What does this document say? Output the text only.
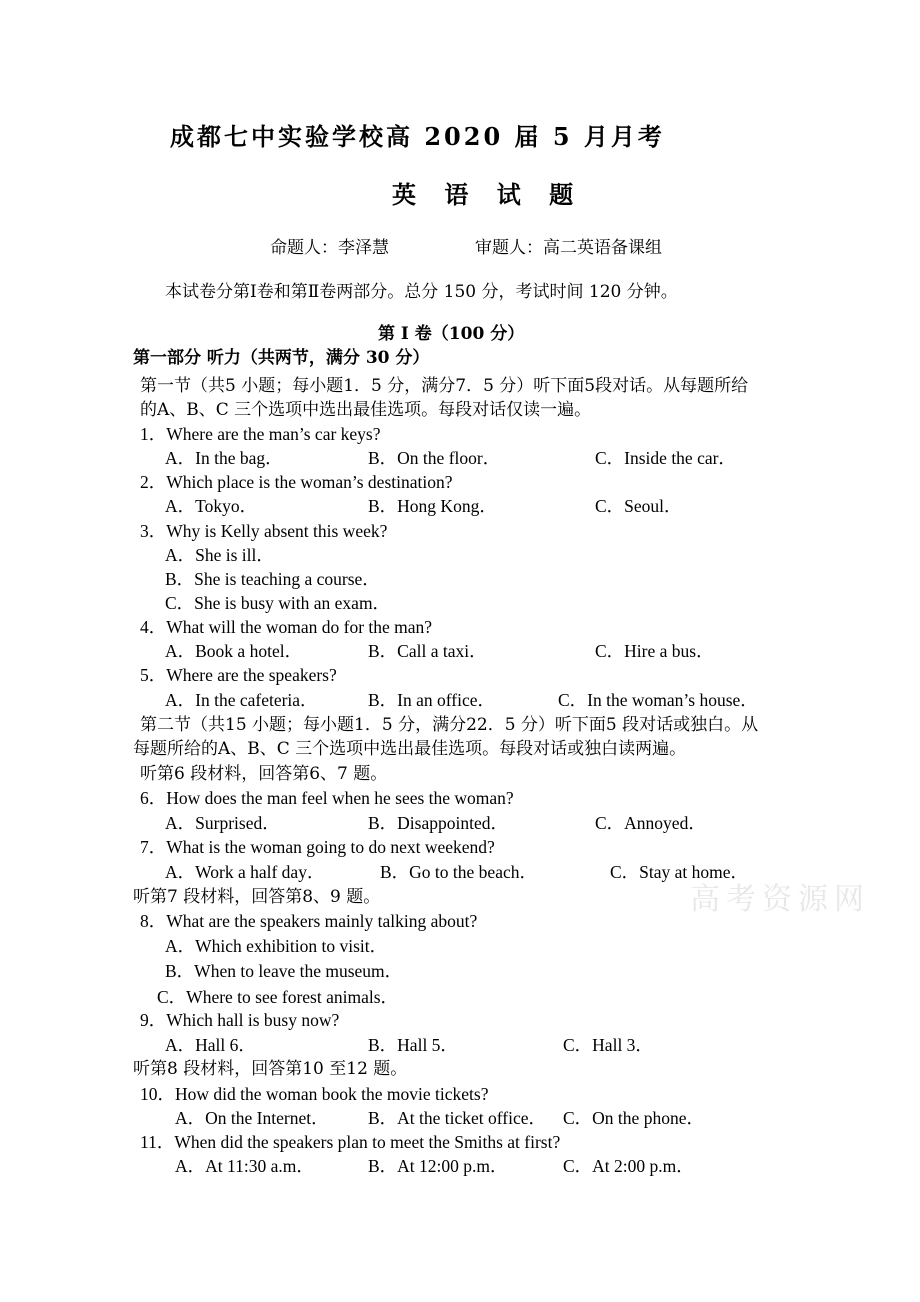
成都七中实验学校高 2020 届 5 月月考
英 语 试 题
命题人：李泽慧	审题人：高二英语备课组
本试卷分第Ⅰ卷和第Ⅱ卷两部分。总分 150 分，考试时间 120 分钟。
第 Ⅰ 卷（100 分）
第一部分 听力（共两节，满分 30 分）
第一节（共5 小题；每小题1．5 分，满分7．5 分）听下面5段对话。从每题所给
的A、B、C 三个选项中选出最佳选项。每段对话仅读一遍。
1．Where are the man’s car keys?
A．In the bag．	B．On the floor．	C．Inside the car．
2．Which place is the woman’s destination?
A．Tokyo．	B．Hong Kong．	C．Seoul．
3．Why is Kelly absent this week?
A．She is ill．
B．She is teaching a course．
C．She is busy with an exam．
4．What will the woman do for the man?
A．Book a hotel．	B．Call a taxi．	C．Hire a bus．
5．Where are the speakers?
A．In the cafeteria．	B．In an office．	C．In the woman’s house．
第二节（共15 小题；每小题1．5 分，满分22．5 分）听下面5 段对话或独白。从
每题所给的A、B、C 三个选项中选出最佳选项。每段对话或独白读两遍。
听第6 段材料，回答第6、7 题。
6．How does the man feel when he sees the woman?
A．Surprised．	B．Disappointed．	C．Annoyed．
7．What is the woman going to do next weekend?
A．Work a half day．	B．Go to the beach．	C．Stay at home．
听第7 段材料，回答第8、9 题。
8．What are the speakers mainly talking about?
A．Which exhibition to visit．
B．When to leave the museum．
C．Where to see forest animals．
9．Which hall is busy now?
A．Hall 6．	B．Hall 5．	C．Hall 3．
听第8 段材料，回答第10 至12 题。
10．How did the woman book the movie tickets?
A．On the Internet． B．At the ticket office． C．On the phone．
11．When did the speakers plan to meet the Smiths at first?
A．At 11:30 a.m．	B．At 12:00 p.m．	C．At 2:00 p.m．
高考资源网
